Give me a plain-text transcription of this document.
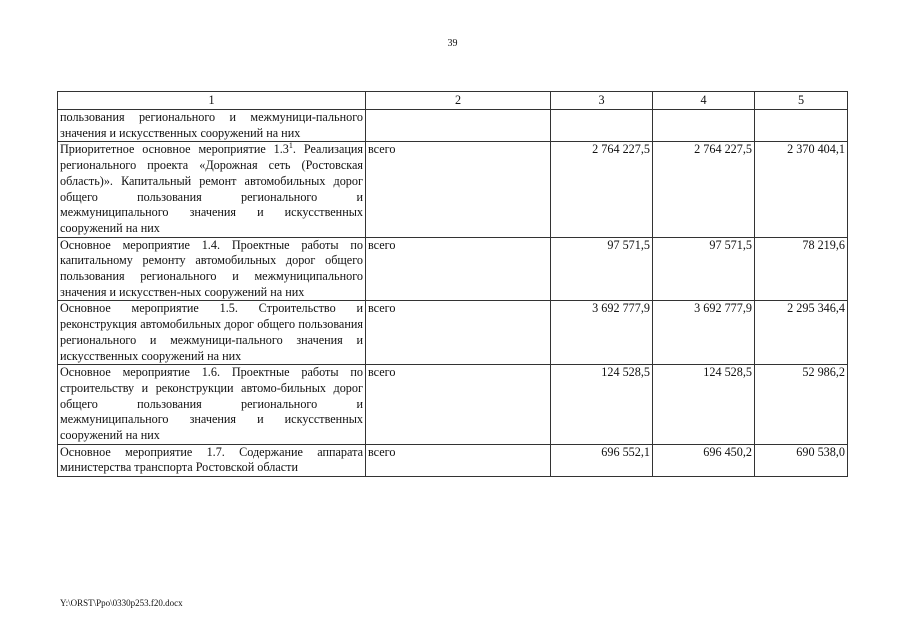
39
1	2	3	4	5
пользования регионального и межмуници-пального значения и искусственных сооружений на них				
Приоритетное основное мероприятие 1.3$^1$. Реализация регионального проекта «Дорожная сеть (Ростовская область)». Капитальный ремонт автомобильных дорог общего пользования регионального и межмуниципального значения и искусственных сооружений на них	всего	2 764 227,5	2 764 227,5	2 370 404,1
Основное мероприятие 1.4. Проектные работы по капитальному ремонту автомобильных дорог общего пользования регионального и межмуниципального значения и искусствен-ных сооружений на них	всего	97 571,5	97 571,5	78 219,6
Основное мероприятие 1.5. Строительство и реконструкция автомобильных дорог общего пользования регионального и межмуници-пального значения и искусственных сооружений на них	всего	3 692 777,9	3 692 777,9	2 295 346,4
Основное мероприятие 1.6. Проектные работы по строительству и реконструкции автомо-бильных дорог общего пользования регионального и межмуниципального значения и искусственных сооружений на них	всего	124 528,5	124 528,5	52 986,2
Основное мероприятие 1.7. Содержание аппарата министерства транспорта Ростовской области	всего	696 552,1	696 450,2	690 538,0
Y:\ORST\Ppo\0330p253.f20.docx
